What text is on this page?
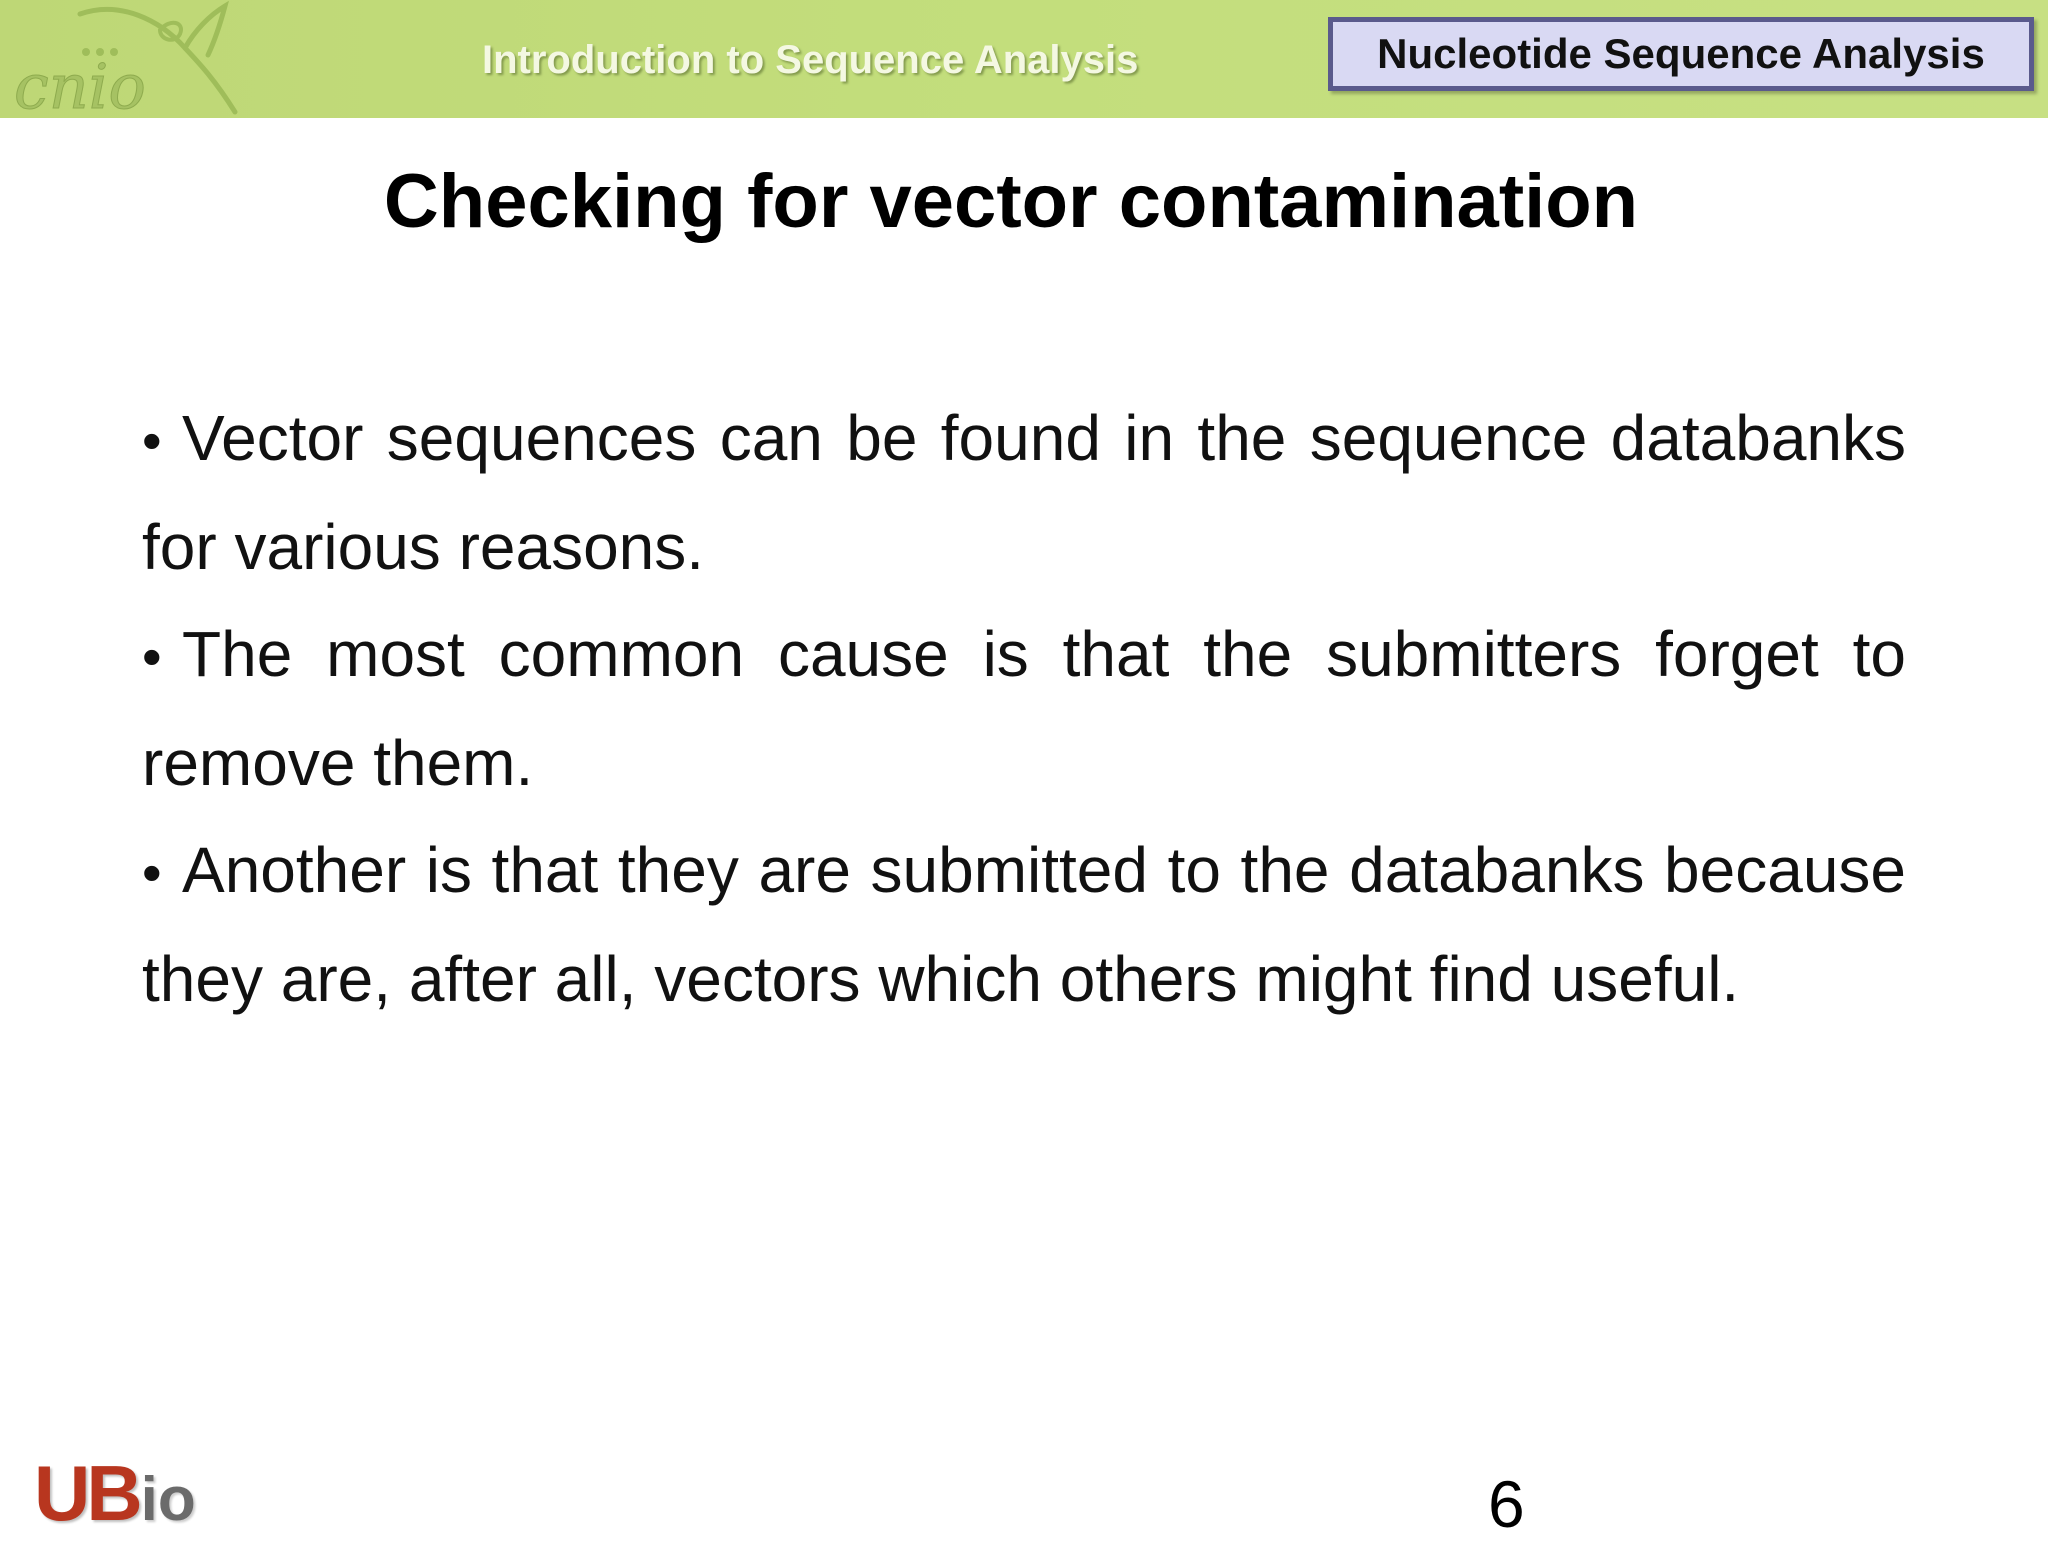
cnio	Introduction to Sequence Analysis	Nucleotide Sequence Analysis
Checking for vector contamination
• Vector sequences can be found in the sequence databanks for various reasons.
• The most common cause is that the submitters forget to remove them.
• Another is that they are submitted to the databanks because they are, after all, vectors which others might find useful.
UBio	6
